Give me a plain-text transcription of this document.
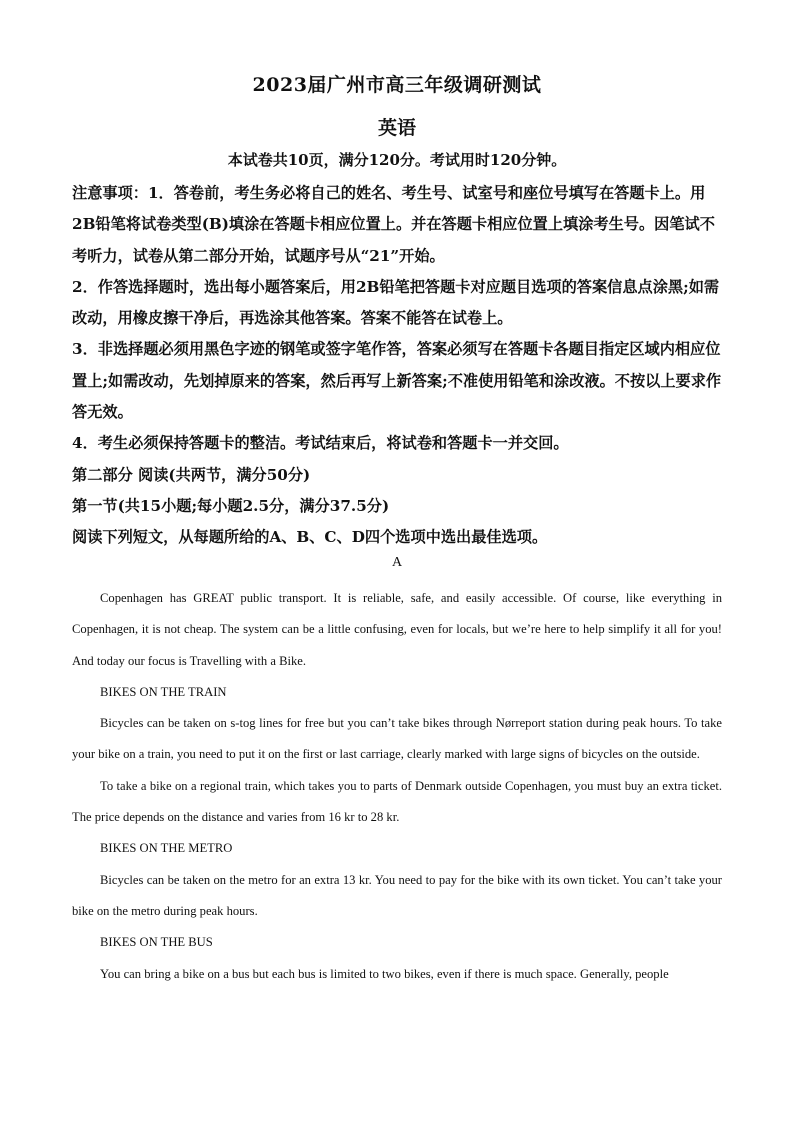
2023届广州市高三年级调研测试
英语
本试卷共10页，满分120分。考试用时120分钟。

注意事项：1．答卷前，考生务必将自己的姓名、考生号、试室号和座位号填写在答题卡上。用2B铅笔将试卷类型(B)填涂在答题卡相应位置上。并在答题卡相应位置上填涂考生号。因笔试不考听力，试卷从第二部分开始，试题序号从“21”开始。

2．作答选择题时，选出每小题答案后，用2B铅笔把答题卡对应题目选项的答案信息点涂黑;如需改动，用橡皮擦干净后，再选涂其他答案。答案不能答在试卷上。

3．非选择题必须用黑色字迹的钢笔或签字笔作答，答案必须写在答题卡各题目指定区域内相应位置上;如需改动，先划掉原来的答案，然后再写上新答案;不准使用铅笔和涂改液。不按以上要求作答无效。

4．考生必须保持答题卡的整洁。考试结束后，将试卷和答题卡一并交回。

第二部分 阅读(共两节，满分50分)

第一节(共15小题;每小题2.5分，满分37.5分)

阅读下列短文，从每题所给的A、B、C、D四个选项中选出最佳选项。

A

Copenhagen has GREAT public transport. It is reliable, safe, and easily accessible. Of course, like everything in Copenhagen, it is not cheap. The system can be a little confusing, even for locals, but we’re here to help simplify it all for you! And today our focus is Travelling with a Bike.

BIKES ON THE TRAIN

Bicycles can be taken on s-tog lines for free but you can’t take bikes through Nørreport station during peak hours. To take your bike on a train, you need to put it on the first or last carriage, clearly marked with large signs of bicycles on the outside.

To take a bike on a regional train, which takes you to parts of Denmark outside Copenhagen, you must buy an extra ticket. The price depends on the distance and varies from 16 kr to 28 kr.

BIKES ON THE METRO

Bicycles can be taken on the metro for an extra 13 kr. You need to pay for the bike with its own ticket. You can’t take your bike on the metro during peak hours.

BIKES ON THE BUS

You can bring a bike on a bus but each bus is limited to two bikes, even if there is much space. Generally, people
